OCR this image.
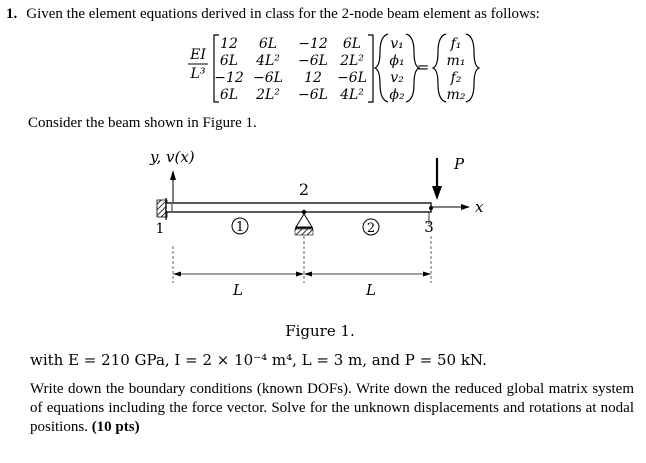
1. Given the element equations derived in class for the 2-node beam element as follows:
EI
L³
12 6L −12 6L
6L 4L² −6L 2L²
−12 −6L 12 −6L
6L 2L² −6L 4L²
v₁
ϕ₁
v₂
ϕ₂
=
f₁
m₁
f₂
m₂
Consider the beam shown in Figure 1.
y, v(x)
x
1
2
3
1	2
P
L	L
Figure 1.
with E = 210 GPa, I = 2 × 10⁻⁴ m⁴, L = 3 m, and P = 50 kN.
Write down the boundary conditions (known DOFs). Write down the reduced global matrix system of equations including the force vector. Solve for the unknown displacements and rotations at nodal positions. (10 pts)
